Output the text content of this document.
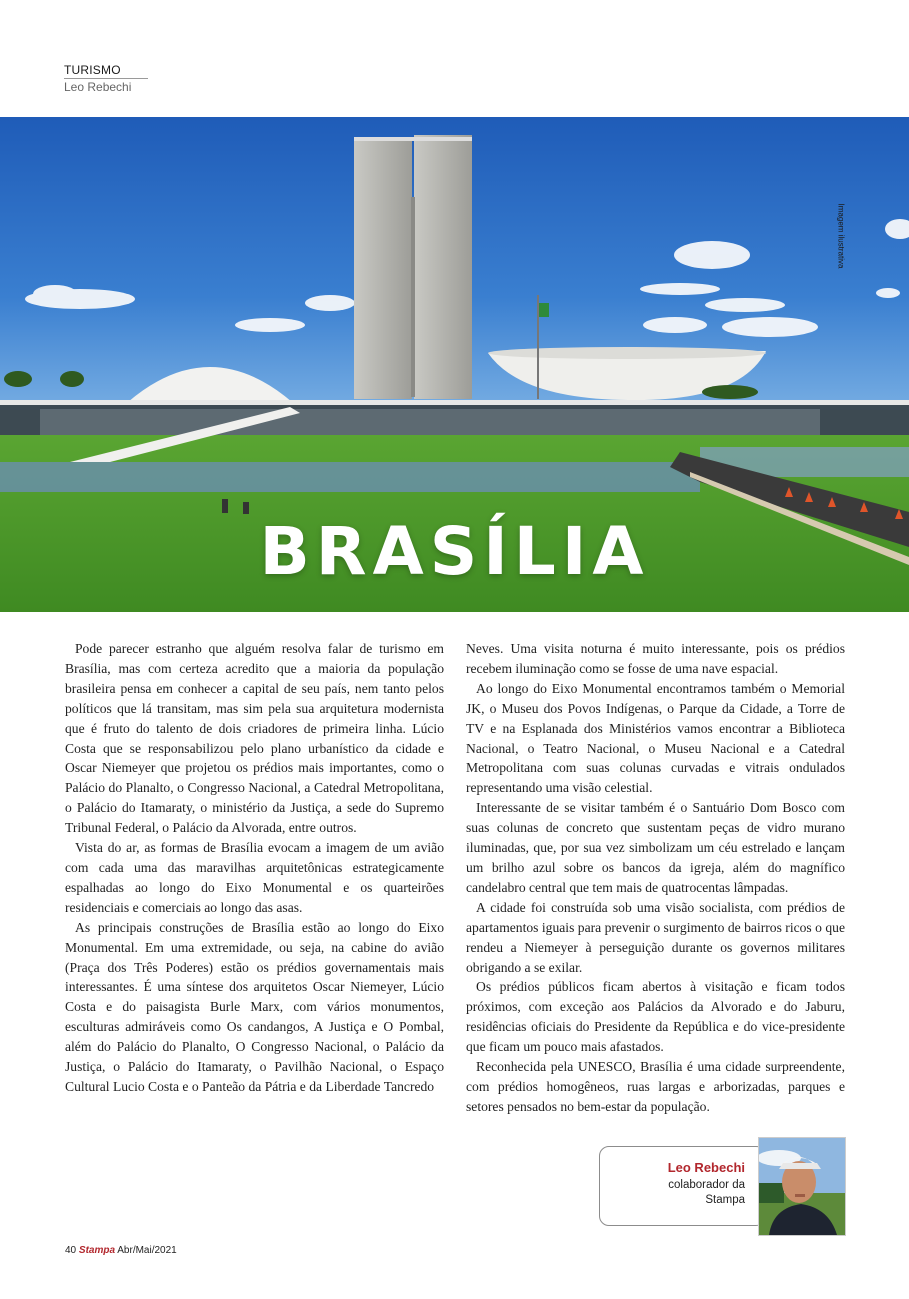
TURISMO
Leo Rebechi
Imagem ilustrativa
BRASÍLIA

Pode parecer estranho que alguém resolva falar de turismo em Brasília, mas com certeza acredito que a maioria da população brasileira pensa em conhecer a capital de seu país, nem tanto pelos políticos que lá transitam, mas sim pela sua arquitetura modernista que é fruto do talento de dois criadores de primeira linha. Lúcio Costa que se responsabilizou pelo plano urbanístico da cidade e Oscar Niemeyer que projetou os prédios mais importantes, como o Palácio do Planalto, o Congresso Nacional, a Catedral Metropolitana, o Palácio do Itamaraty, o ministério da Justiça, a sede do Supremo Tribunal Federal, o Palácio da Alvorada, entre outros.

Vista do ar, as formas de Brasília evocam a imagem de um avião com cada uma das maravilhas arquitetônicas estrategicamente espalhadas ao longo do Eixo Monumental e os quarteirões residenciais e comerciais ao longo das asas.

As principais construções de Brasília estão ao longo do Eixo Monumental. Em uma extremidade, ou seja, na cabine do avião (Praça dos Três Poderes) estão os prédios governamentais mais interessantes. É uma síntese dos arquitetos Oscar Niemeyer, Lúcio Costa e do paisagista Burle Marx, com vários monumentos, esculturas admiráveis como Os candangos, A Justiça e O Pombal, além do Palácio do Planalto, O Congresso Nacional, o Palácio da Justiça, o Palácio do Itamaraty, o Pavilhão Nacional, o Espaço Cultural Lucio Costa e o Panteão da Pátria e da Liberdade Tancredo

Neves. Uma visita noturna é muito interessante, pois os prédios recebem iluminação como se fosse de uma nave espacial.

Ao longo do Eixo Monumental encontramos também o Memorial JK, o Museu dos Povos Indígenas, o Parque da Cidade, a Torre de TV e na Esplanada dos Ministérios vamos encontrar a Biblioteca Nacional, o Teatro Nacional, o Museu Nacional e a Catedral Metropolitana com suas colunas curvadas e vitrais ondulados representando uma visão celestial.

Interessante de se visitar também é o Santuário Dom Bosco com suas colunas de concreto que sustentam peças de vidro murano iluminadas, que, por sua vez simbolizam um céu estrelado e lançam um brilho azul sobre os bancos da igreja, além do magnífico candelabro central que tem mais de quatrocentas lâmpadas.

A cidade foi construída sob uma visão socialista, com prédios de apartamentos iguais para prevenir o surgimento de bairros ricos o que rendeu a Niemeyer à perseguição durante os governos militares obrigando a se exilar.

Os prédios públicos ficam abertos à visitação e ficam todos próximos, com exceção aos Palácios da Alvorado e do Jaburu, residências oficiais do Presidente da República e do vice-presidente que ficam um pouco mais afastados.

Reconhecida pela UNESCO, Brasília é uma cidade surpreendente, com prédios homogêneos, ruas largas e arborizadas, parques e setores pensados no bem-estar da população.

Leo Rebechi
colaborador da Stampa
40 Stampa Abr/Mai/2021
